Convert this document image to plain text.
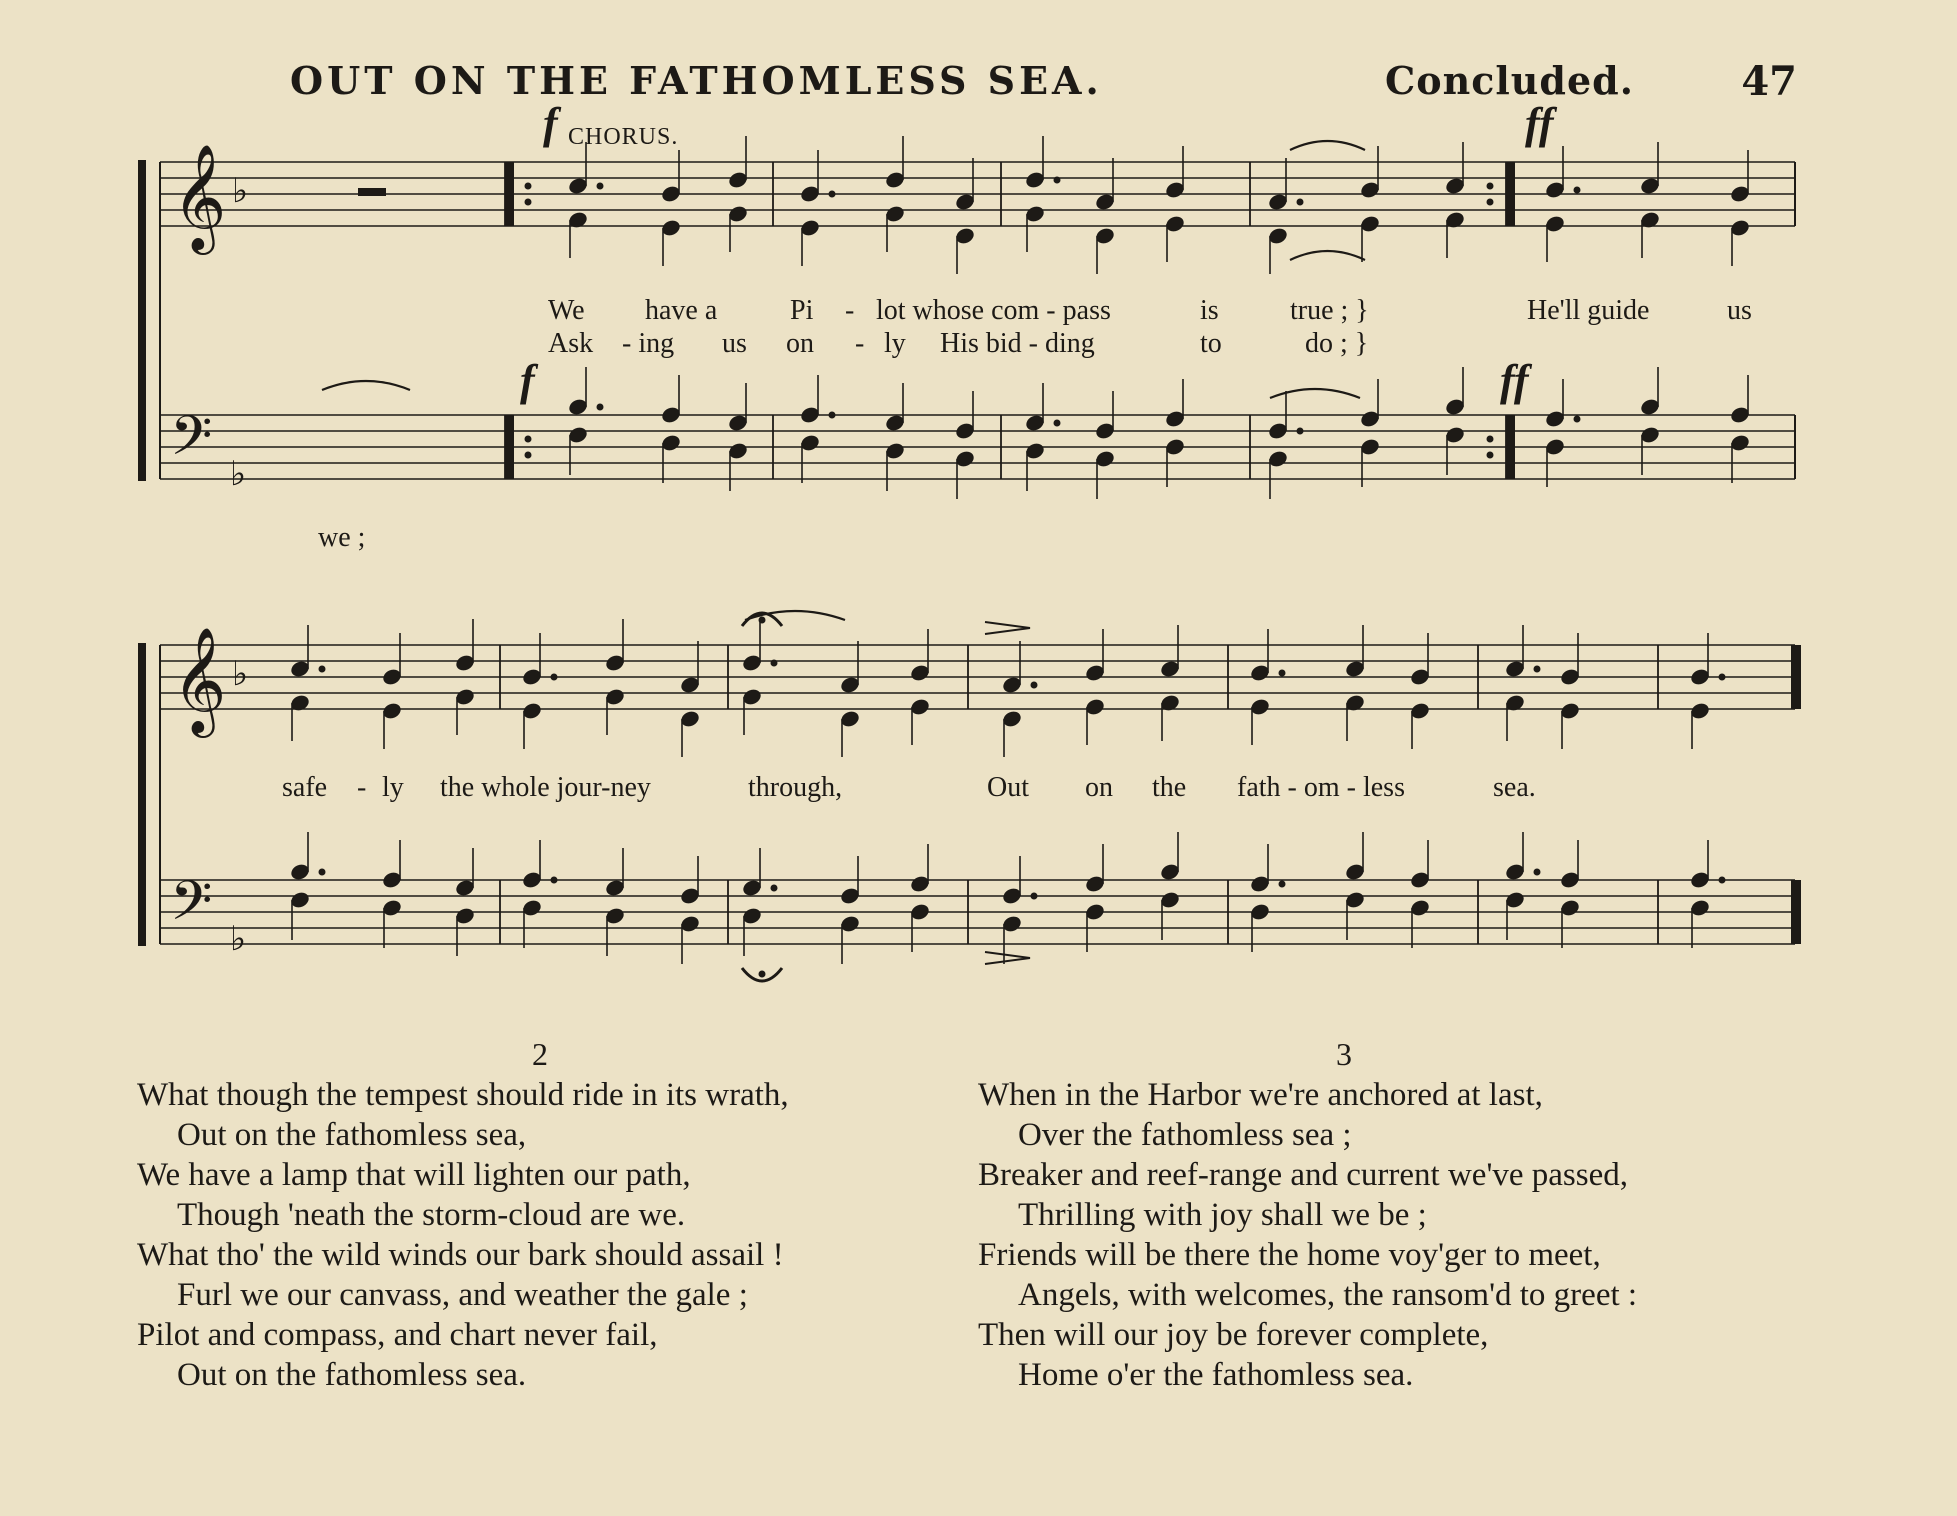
OUT ON THE FATHOMLESS SEA.	Concluded.	47
𝄞
𝄢
♭
♭
𝄞
𝄢
♭
♭
f CHORUS.	ff
f	ff
We have a	Pi - lot whose com - pass	is	true ; }	He'll guide	us
Ask - ing us on - ly His bid - ding	to	do ; }
we ;
safe - ly the whole jour-ney	through,	Out on the fath - om - less	sea.
2
What though the tempest should ride in its wrath,
Out on the fathomless sea,
We have a lamp that will lighten our path,
Though 'neath the storm-cloud are we.
What tho' the wild winds our bark should assail !
Furl we our canvass, and weather the gale ;
Pilot and compass, and chart never fail,
Out on the fathomless sea.
3
When in the Harbor we're anchored at last,
Over the fathomless sea ;
Breaker and reef-range and current we've passed,
Thrilling with joy shall we be ;
Friends will be there the home voy'ger to meet,
Angels, with welcomes, the ransom'd to greet :
Then will our joy be forever complete,
Home o'er the fathomless sea.
